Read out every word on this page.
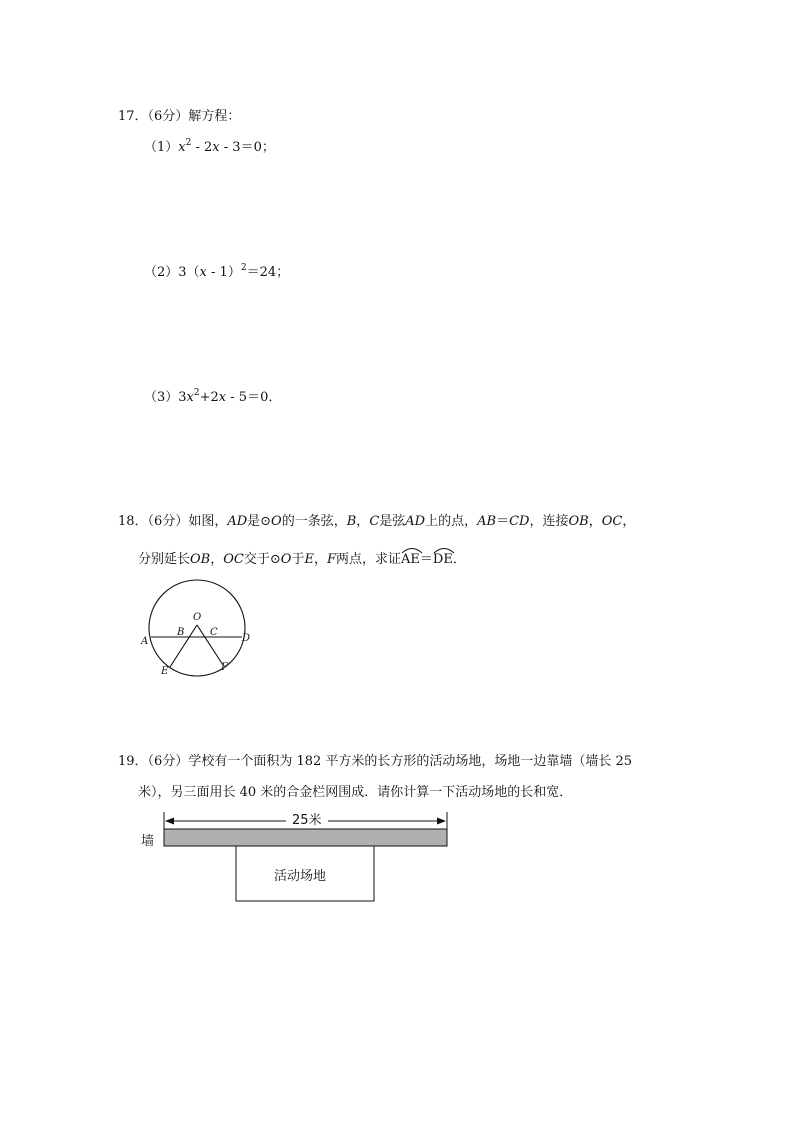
17．（6分）解方程：
$(1)x^2 - 2x - 3=0$；
（2）3（x - 1）$^2$＝24；
$(3)3x^2+2x - 5=0$．
18．（6分）如图，AD是⊙O的一条弦，B，C是弦AD上的点，AB＝CD，连接OB，OC，
分别延长OB，OC交于⊙O于E，F两点，求证
AE＝
DE．
O
A
B	C
D
E	F
19．（6分）学校有一个面积为 182 平方米的长方形的活动场地，场地一边靠墙（墙长 25
米），另三面用长 40 米的合金栏网围成．请你计算一下活动场地的长和宽．
25米
墙
活动场地
